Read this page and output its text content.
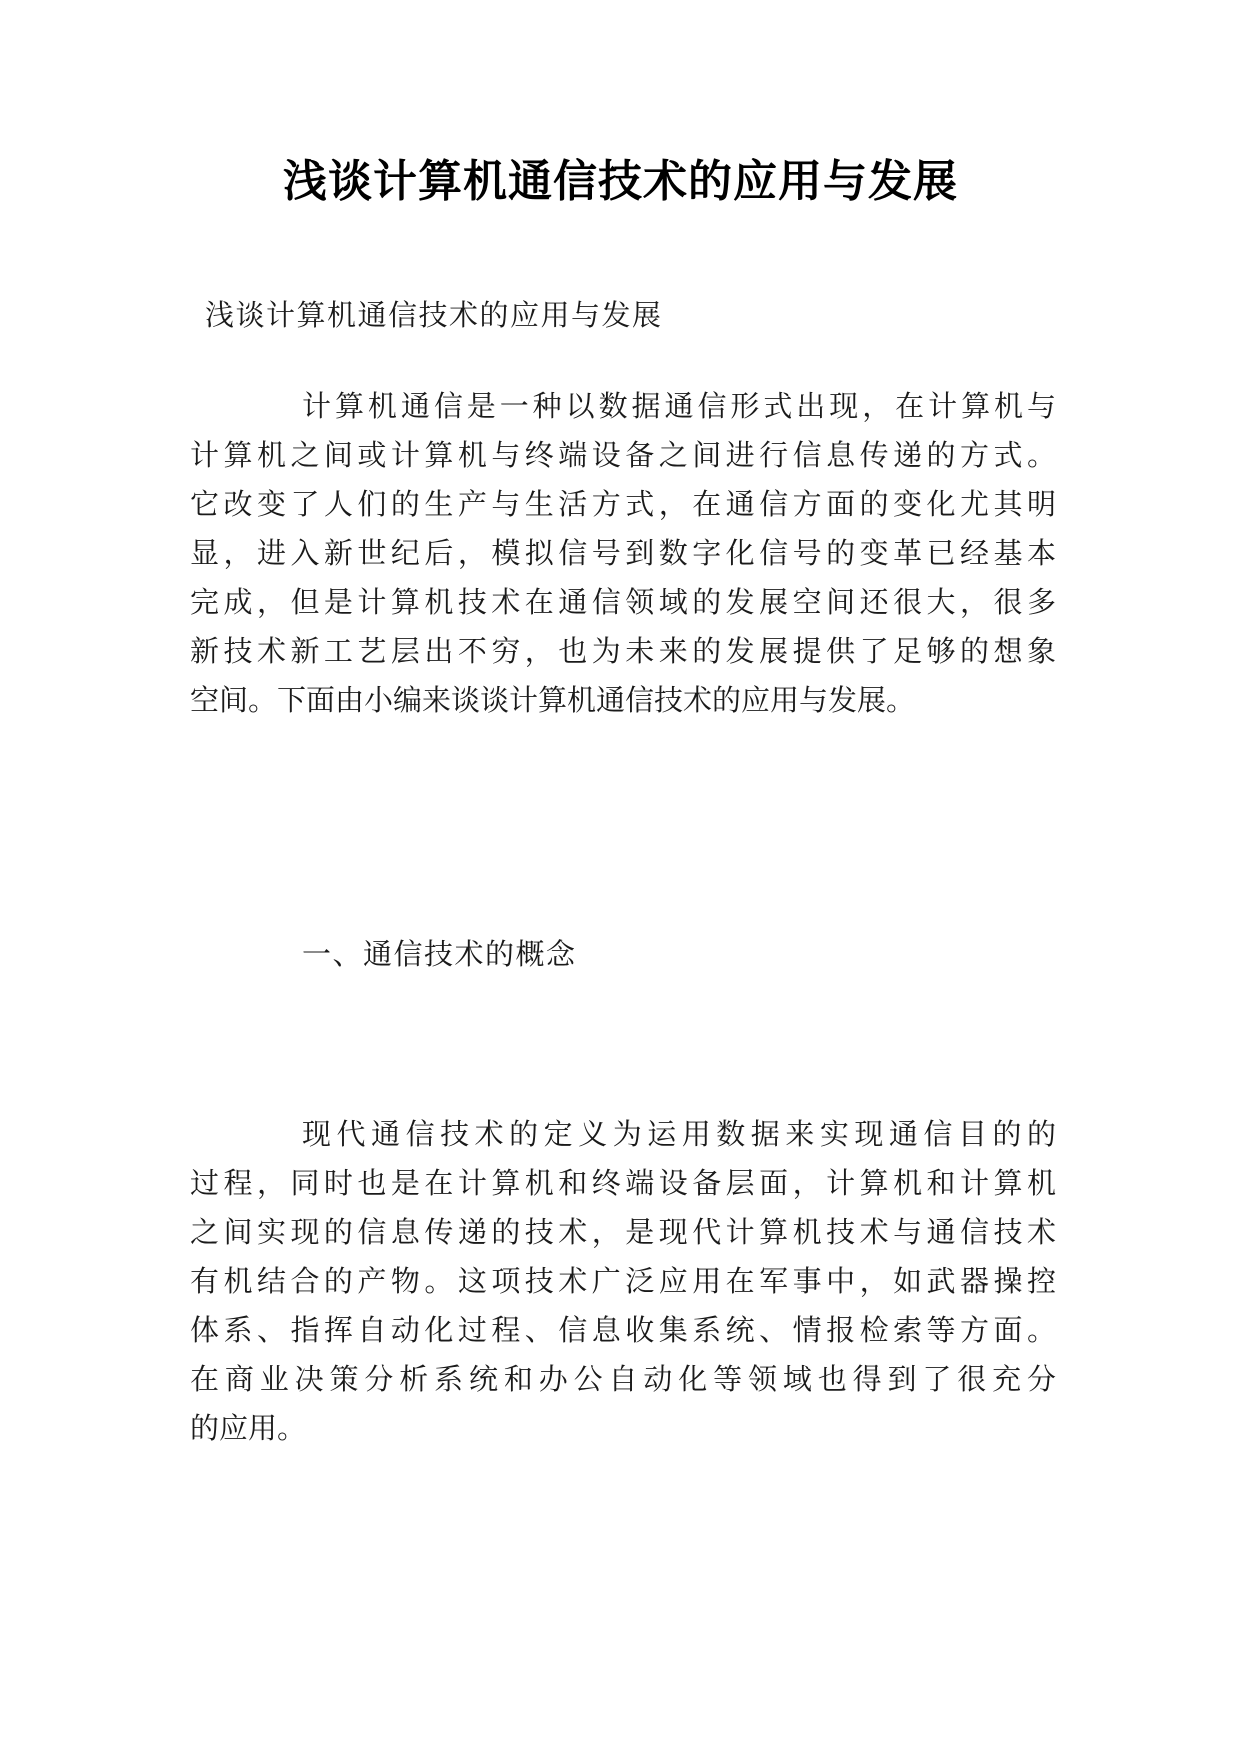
浅谈计算机通信技术的应用与发展

浅谈计算机通信技术的应用与发展

计算机通信是一种以数据通信形式出现，在计算机与
计算机之间或计算机与终端设备之间进行信息传递的方式。
它改变了人们的生产与生活方式，在通信方面的变化尤其明
显，进入新世纪后，模拟信号到数字化信号的变革已经基本
完成，但是计算机技术在通信领域的发展空间还很大，很多
新技术新工艺层出不穷，也为未来的发展提供了足够的想象
空间。下面由小编来谈谈计算机通信技术的应用与发展。

一、通信技术的概念

现代通信技术的定义为运用数据来实现通信目的的
过程，同时也是在计算机和终端设备层面，计算机和计算机
之间实现的信息传递的技术，是现代计算机技术与通信技术
有机结合的产物。这项技术广泛应用在军事中，如武器操控
体系、指挥自动化过程、信息收集系统、情报检索等方面。
在商业决策分析系统和办公自动化等领域也得到了很充分
的应用。
